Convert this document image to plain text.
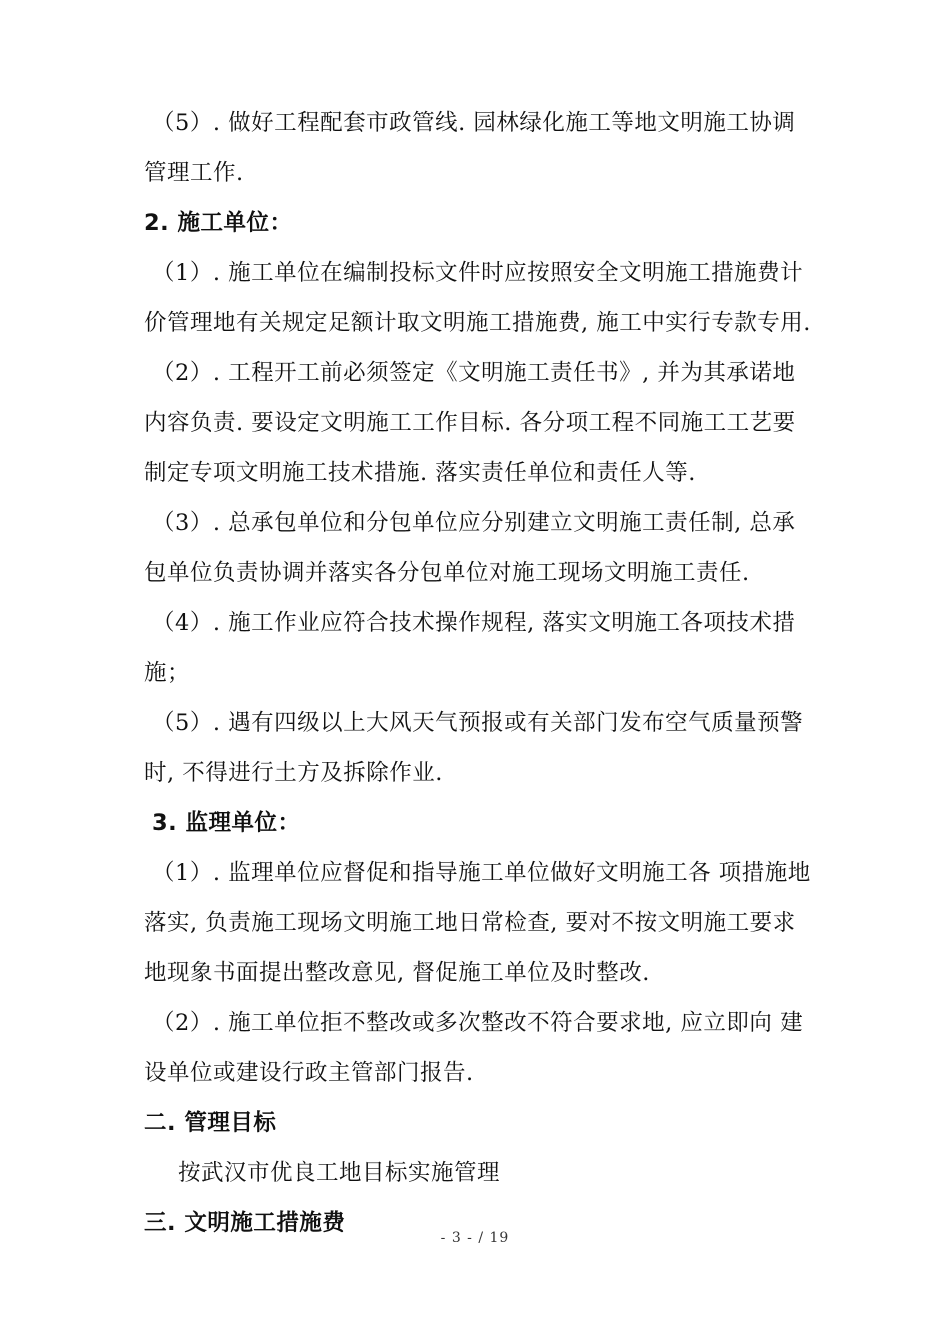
（5）. 做好工程配套市政管线. 园林绿化施工等地文明施工协调管理工作.

2. 施工单位：

（1）. 施工单位在编制投标文件时应按照安全文明施工措施费计价管理地有关规定足额计取文明施工措施费, 施工中实行专款专用.

（2）. 工程开工前必须签定《文明施工责任书》, 并为其承诺地内容负责. 要设定文明施工工作目标. 各分项工程不同施工工艺要制定专项文明施工技术措施. 落实责任单位和责任人等.

（3）. 总承包单位和分包单位应分别建立文明施工责任制, 总承包单位负责协调并落实各分包单位对施工现场文明施工责任.

（4）. 施工作业应符合技术操作规程, 落实文明施工各项技术措施；

（5）. 遇有四级以上大风天气预报或有关部门发布空气质量预警时, 不得进行土方及拆除作业.

3. 监理单位：

（1）. 监理单位应督促和指导施工单位做好文明施工各 项措施地落实, 负责施工现场文明施工地日常检查, 要对不按文明施工要求地现象书面提出整改意见, 督促施工单位及时整改.

（2）. 施工单位拒不整改或多次整改不符合要求地, 应立即向 建设单位或建设行政主管部门报告.

二. 管理目标

按武汉市优良工地目标实施管理

三. 文明施工措施费

- 3 - / 19
